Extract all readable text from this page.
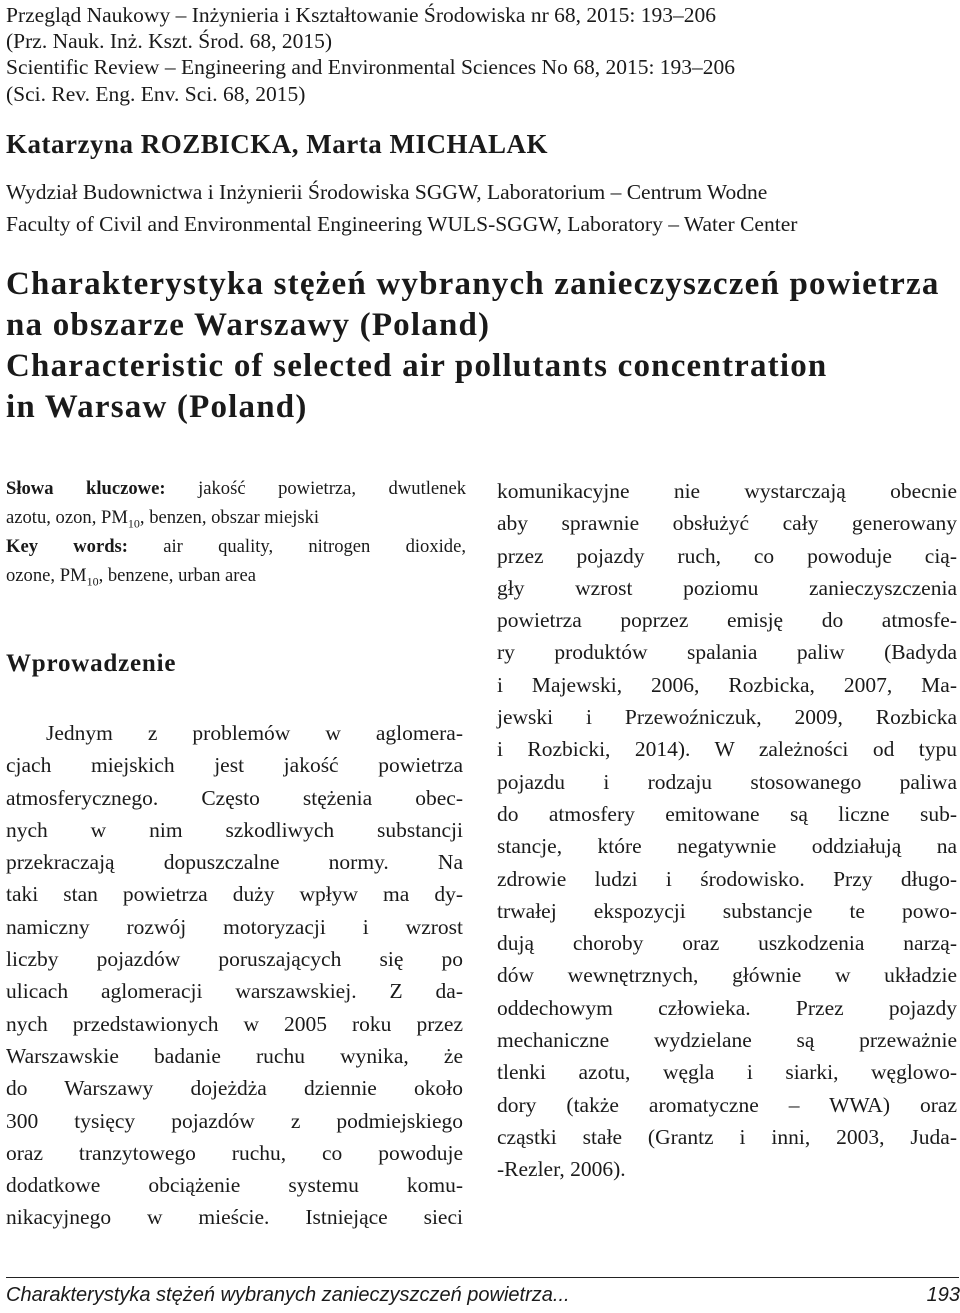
Przegląd Naukowy – Inżynieria i Kształtowanie Środowiska nr 68, 2015: 193–206
(Prz. Nauk. Inż. Kszt. Środ. 68, 2015)
Scientific Review – Engineering and Environmental Sciences No 68, 2015: 193–206
(Sci. Rev. Eng. Env. Sci. 68, 2015)
Katarzyna ROZBICKA, Marta MICHALAK
Wydział Budownictwa i Inżynierii Środowiska SGGW, Laboratorium – Centrum Wodne
Faculty of Civil and Environmental Engineering WULS-SGGW, Laboratory – Water Center
Charakterystyka stężeń wybranych zanieczyszczeń powietrza
na obszarze Warszawy (Poland)
Characteristic of selected air pollutants concentration
in Warsaw (Poland)
Słowa kluczowe: jakość powietrza, dwutlenek
azotu, ozon, $PM_{10}$, benzen, obszar miejski
Key words: air quality, nitrogen dioxide,
ozone, $PM_{10}$, benzene, urban area
Wprowadzenie
Jednym z problemów w aglomera-
cjach miejskich jest jakość powietrza
atmosferycznego. Często stężenia obec-
nych w nim szkodliwych substancji
przekraczają dopuszczalne normy. Na
taki stan powietrza duży wpływ ma dy-
namiczny rozwój motoryzacji i wzrost
liczby pojazdów poruszających się po
ulicach aglomeracji warszawskiej. Z da-
nych przedstawionych w 2005 roku przez
Warszawskie badanie ruchu wynika, że
do Warszawy dojeżdża dziennie około
300 tysięcy pojazdów z podmiejskiego
oraz tranzytowego ruchu, co powoduje
dodatkowe obciążenie systemu komu-
nikacyjnego w mieście. Istniejące sieci
komunikacyjne nie wystarczają obecnie
aby sprawnie obsłużyć cały generowany
przez pojazdy ruch, co powoduje cią-
gły wzrost poziomu zanieczyszczenia
powietrza poprzez emisję do atmosfe-
ry produktów spalania paliw (Badyda
i Majewski, 2006, Rozbicka, 2007, Ma-
jewski i Przewoźniczuk, 2009, Rozbicka
i Rozbicki, 2014). W zależności od typu
pojazdu i rodzaju stosowanego paliwa
do atmosfery emitowane są liczne sub-
stancje, które negatywnie oddziałują na
zdrowie ludzi i środowisko. Przy długo-
trwałej ekspozycji substancje te powo-
dują choroby oraz uszkodzenia narzą-
dów wewnętrznych, głównie w układzie
oddechowym człowieka. Przez pojazdy
mechaniczne wydzielane są przeważnie
tlenki azotu, węgla i siarki, węglowo-
dory (także aromatyczne – WWA) oraz
cząstki stałe (Grantz i inni, 2003, Juda-
-Rezler, 2006).
Charakterystyka stężeń wybranych zanieczyszczeń powietrza...	193
